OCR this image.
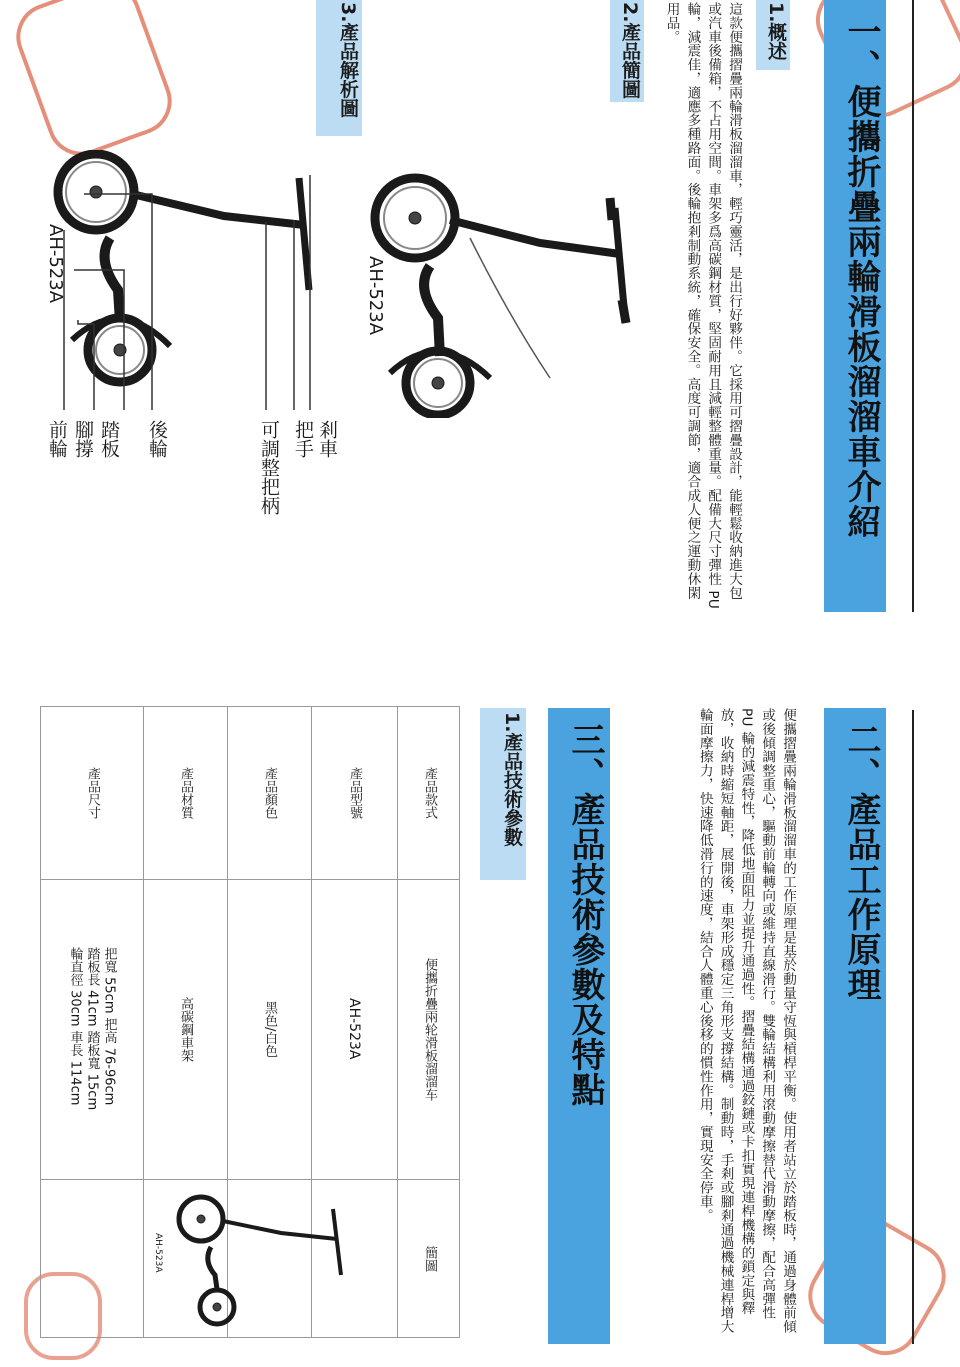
一、便攜折疊兩輪滑板溜溜車介紹
1.概述
這款便攜摺疊兩輪滑板溜溜車，輕巧靈活，是出行好夥伴。它採用可摺疊設計，能輕鬆收納進大包或汽車後備箱，不占用空間。車架多爲高碳鋼材質，堅固耐用且減輕整體重量。配備大尺寸彈性 PU 輪，減震佳，適應多種路面。後輪抱剎制動系統，確保安全。高度可調節，適合成人便之運動休閑用品。
2.產品簡圖
AH-523A
3.產品解析圖
AH-523A
剎車
把手
可調整把柄
後輪
踏板
腳撐
前輪
二、產品工作原理
便攜摺疊兩輪滑板溜溜車的工作原理是基於動量守恆與槓桿平衡。使用者站立於踏板時，通過身體前傾或後傾調整重心，驅動前輪轉向或維持直線滑行。雙輪結構利用滾動摩擦替代滑動摩擦，配合高彈性 PU 輪的減震特性，降低地面阻力並提升通過性。摺疊結構通過鉸鏈或卡扣實現連桿機構的鎖定與釋放，收納時縮短軸距，展開後，車架形成穩定三角形支撐結構。制動時，手剎或腳剎通過機械連桿增大輪面摩擦力，快速降低滑行的速度，結合人體重心後移的慣性作用，實現安全停車。
三、產品技術參數及特點
1.產品技術參數
產品款式
便攜折疊兩轮滑板溜溜车
簡圖
產品型號
AH-523A
產品顏色
黑色/白色
產品材質
高碳鋼車架
產品尺寸
把寬 55cm 把高 76-96cm
踏板長 41cm 踏板寬 15cm
輪直徑 30cm 車長 114cm
AH-523A
